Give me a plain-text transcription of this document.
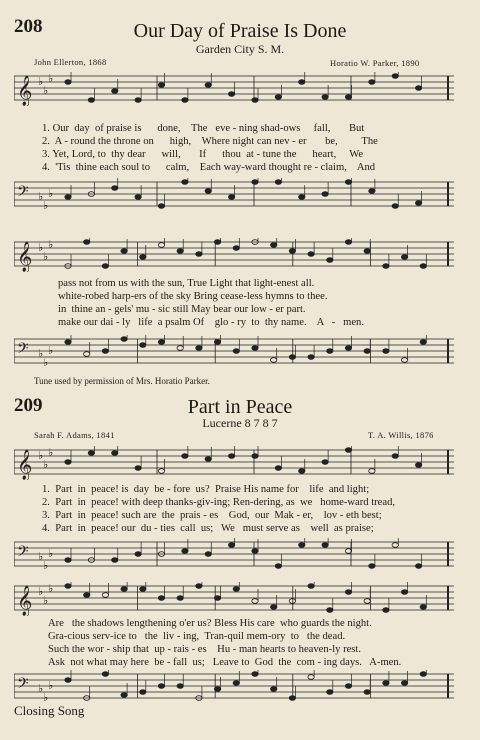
208	Our Day of Praise Is Done
Garden City S. M.
John Ellerton, 1868	Horatio W. Parker, 1890
𝄞 ♭
♭
♭
1. Our  day  of praise is      done,    The   eve - ning shad-ows     fall,       But
2.  A - round the throne on      high,    Where night can nev - er       be,         The
3. Yet, Lord, to  thy dear      will,       If      thou  at - tune the      heart,     We
4.  'Tis  thine each soul to      calm,    Each way-ward thought re - claim,    And
𝄢 ♭
♭
♭
𝄞 ♭
♭
♭
pass not from us with the sun, True Light that light-enest all.
white-robed harp-ers of the sky Bring cease-less hymns to thee.
in  thine an - gels' mu - sic still May bear our low - er part.
make our dai - ly   life  a psalm Of    glo - ry  to  thy name.    A   -   men.
𝄢 ♭
♭
♭
Tune used by permission of Mrs. Horatio Parker.
209	Part in Peace
Lucerne 8 7 8 7
Sarah F. Adams, 1841	T. A. Willis, 1876
𝄞 ♭
♭
♭
1.  Part  in  peace! is  day  be - fore  us?  Praise His name for    life  and light;
2.  Part  in  peace! with deep thanks-giv-ing; Ren-dering, as  we   home-ward tread,
3.  Part  in  peace! such are  the  prais - es    God,  our  Mak - er,    lov - eth best;
4.  Part  in  peace! our  du - ties  call  us;   We   must serve as    well  as praise;
𝄢 ♭
♭
♭
𝄞 ♭
♭
♭
Are   the shadows lengthening o'er us? Bless His care  who guards the night.
Gra-cious serv-ice to   the  liv - ing,  Tran-quil mem-ory  to   the dead.
Such the wor - ship that  up - rais - es    Hu - man hearts to heaven-ly rest.
Ask  not what may here  be - fall  us;   Leave to  God  the  com - ing days.   A-men.
𝄢 ♭
♭
♭
Closing Song
